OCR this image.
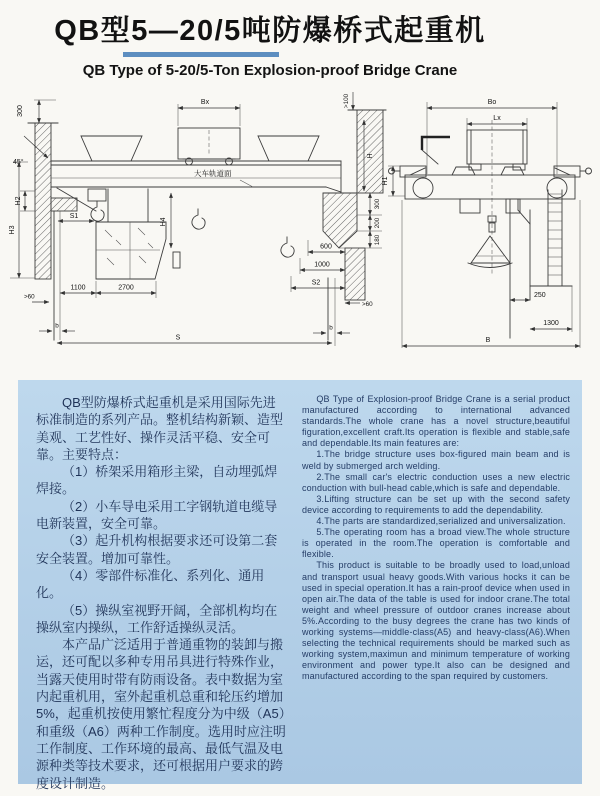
QB型5—20/5吨防爆桥式起重机
QB Type of 5-20/5-Ton Explosion-proof Bridge Crane
300
45°
大车轨道面
Bx
S1
H2
H3
H4
>100
H
300
200
180
600
1000
S2
>60
>60
b	b
1100	2700
S
Bo
Lx
H1
250
1300
B

QB型防爆桥式起重机是采用国际先进标准制造的系列产品。整机结构新颖、造型美观、工艺性好、操作灵活平稳、安全可靠。主要特点：

（1）桥架采用箱形主梁，自动埋弧焊焊接。

（2）小车导电采用工字钢轨道电缆导电新装置，安全可靠。

（3）起升机构根据要求还可设第二套安全装置。增加可靠性。

（4）零部件标准化、系列化、通用化。

（5）操纵室视野开阔，全部机构均在操纵室内操纵，工作舒适操纵灵活。

本产品广泛适用于普通重物的装卸与搬运，还可配以多种专用吊具进行特殊作业，当露天使用时带有防雨设备。表中数据为室内起重机用，室外起重机总重和轮压约增加5%，起重机按使用繁忙程度分为中级（A5）和重级（A6）两种工作制度。选用时应注明工作制度、工作环境的最高、最低气温及电源种类等技术要求，还可根据用户要求的跨度设计制造。

QB Type of Explosion-proof Bridge Crane is a serial product manufactured according to international advanced standards.The whole crane has a novel structure,beautiful figuration,excellent craft.Its operation is flexible and stable,safe and dependable.Its main features are:

1.The bridge structure uses box-figured main beam and is weld by submerged arch welding.

2.The small car's electric conduction uses a new electric conduction with bull-head cable,which is safe and dependable.

3.Lifting structure can be set up with the second safety device according to requirements to add the dependability.

4.The parts are standardized,serialized and universalization.

5.The operating room has a broad view.The whole structure is operated in the room.The operation is comfortable and flexible.

This product is suitable to be broadly used to load,unload and transport usual heavy goods.With various hocks it can be used in special operation.It has a rain-proof device when used in open air.The data of the table is used for indoor crane.The total weight and wheel pressure of outdoor cranes increase about 5%.According to the busy degrees the crane has two kinds of working systems—middle-class(A5) and heavy-class(A6).When selecting the technical requirements should be marked such as working system,maximun and minimum temperature of working environment and power type.It also can be designed and manufactured according to the span required by customers.
